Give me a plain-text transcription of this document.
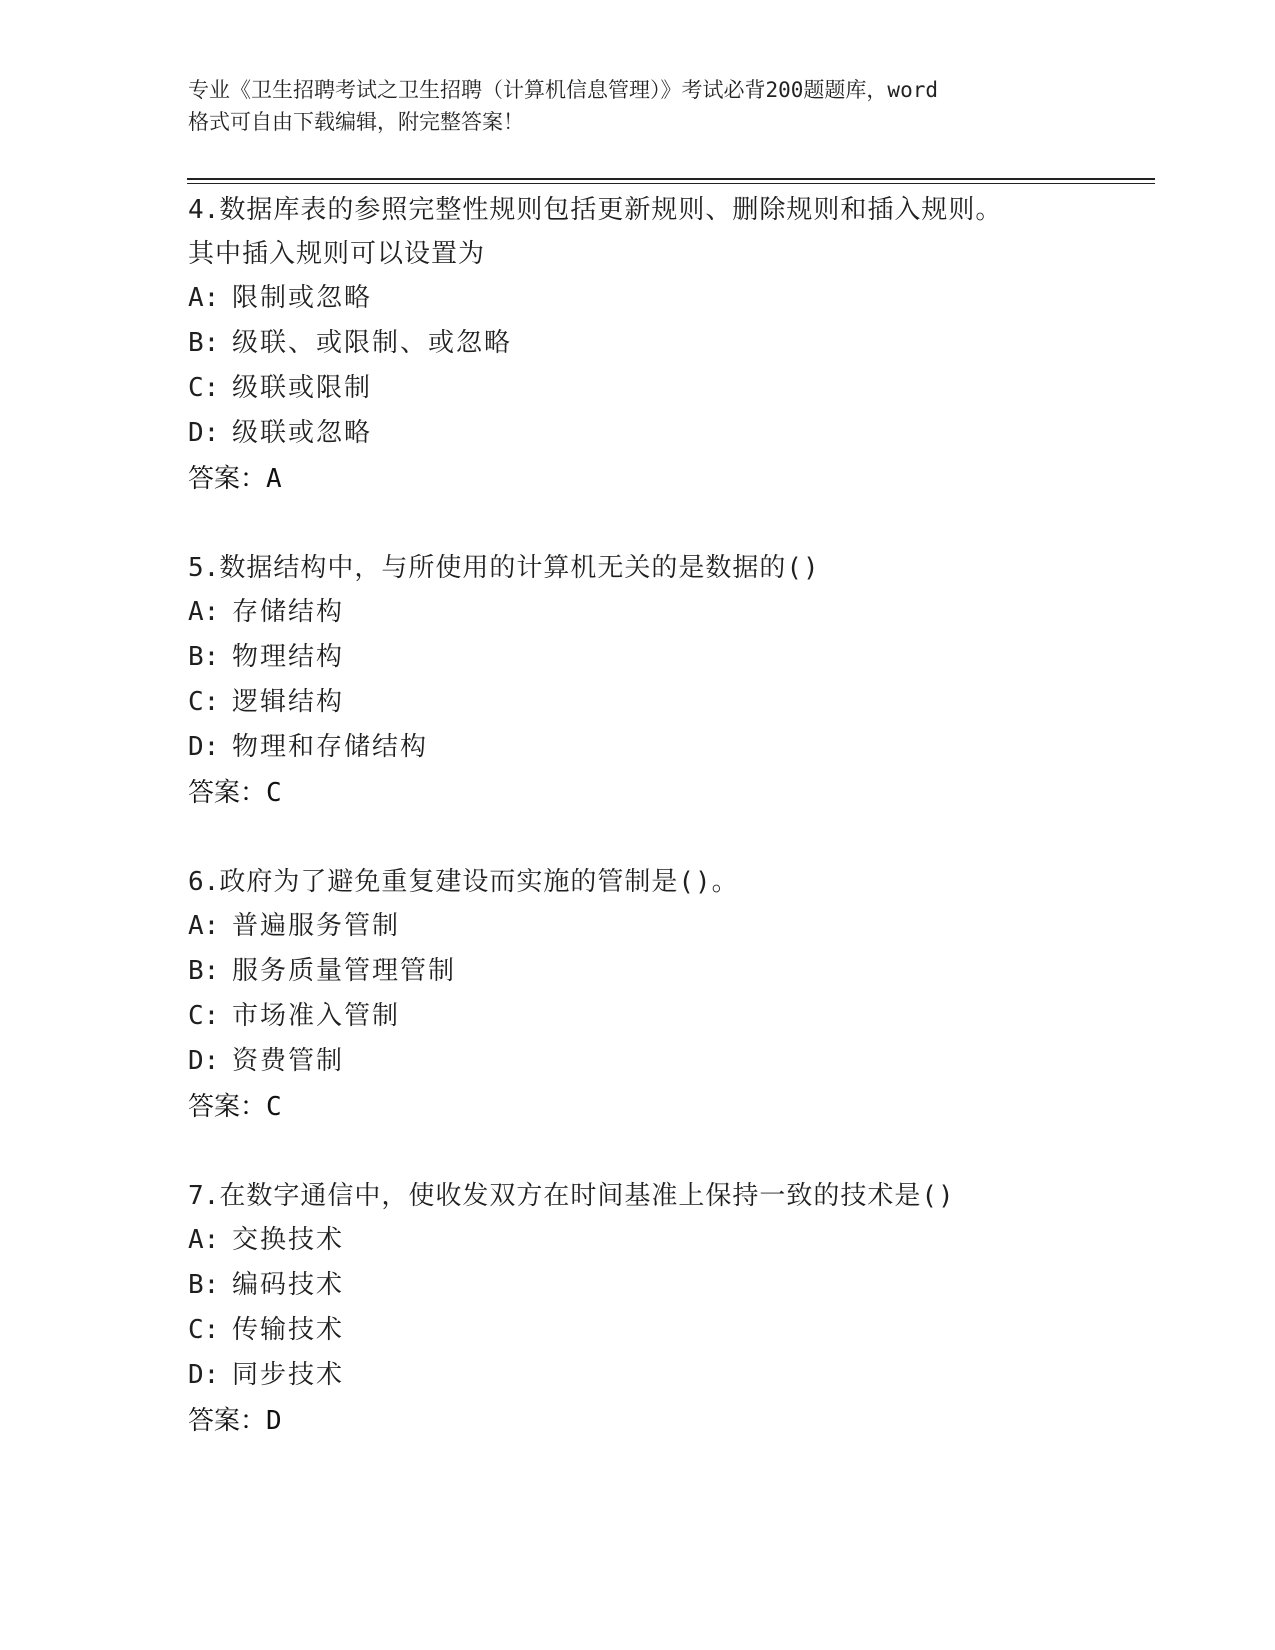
专业《卫生招聘考试之卫生招聘（计算机信息管理）》考试必背200题题库，word
格式可自由下载编辑，附完整答案！
4.数据库表的参照完整性规则包括更新规则、删除规则和插入规则。
其中插入规则可以设置为
A: 限制或忽略
B: 级联、或限制、或忽略
C: 级联或限制
D: 级联或忽略
答案：A
5.数据结构中，与所使用的计算机无关的是数据的()
A: 存储结构
B: 物理结构
C: 逻辑结构
D: 物理和存储结构
答案：C
6.政府为了避免重复建设而实施的管制是()。
A: 普遍服务管制
B: 服务质量管理管制
C: 市场准入管制
D: 资费管制
答案：C
7.在数字通信中，使收发双方在时间基准上保持一致的技术是()
A: 交换技术
B: 编码技术
C: 传输技术
D: 同步技术
答案：D
